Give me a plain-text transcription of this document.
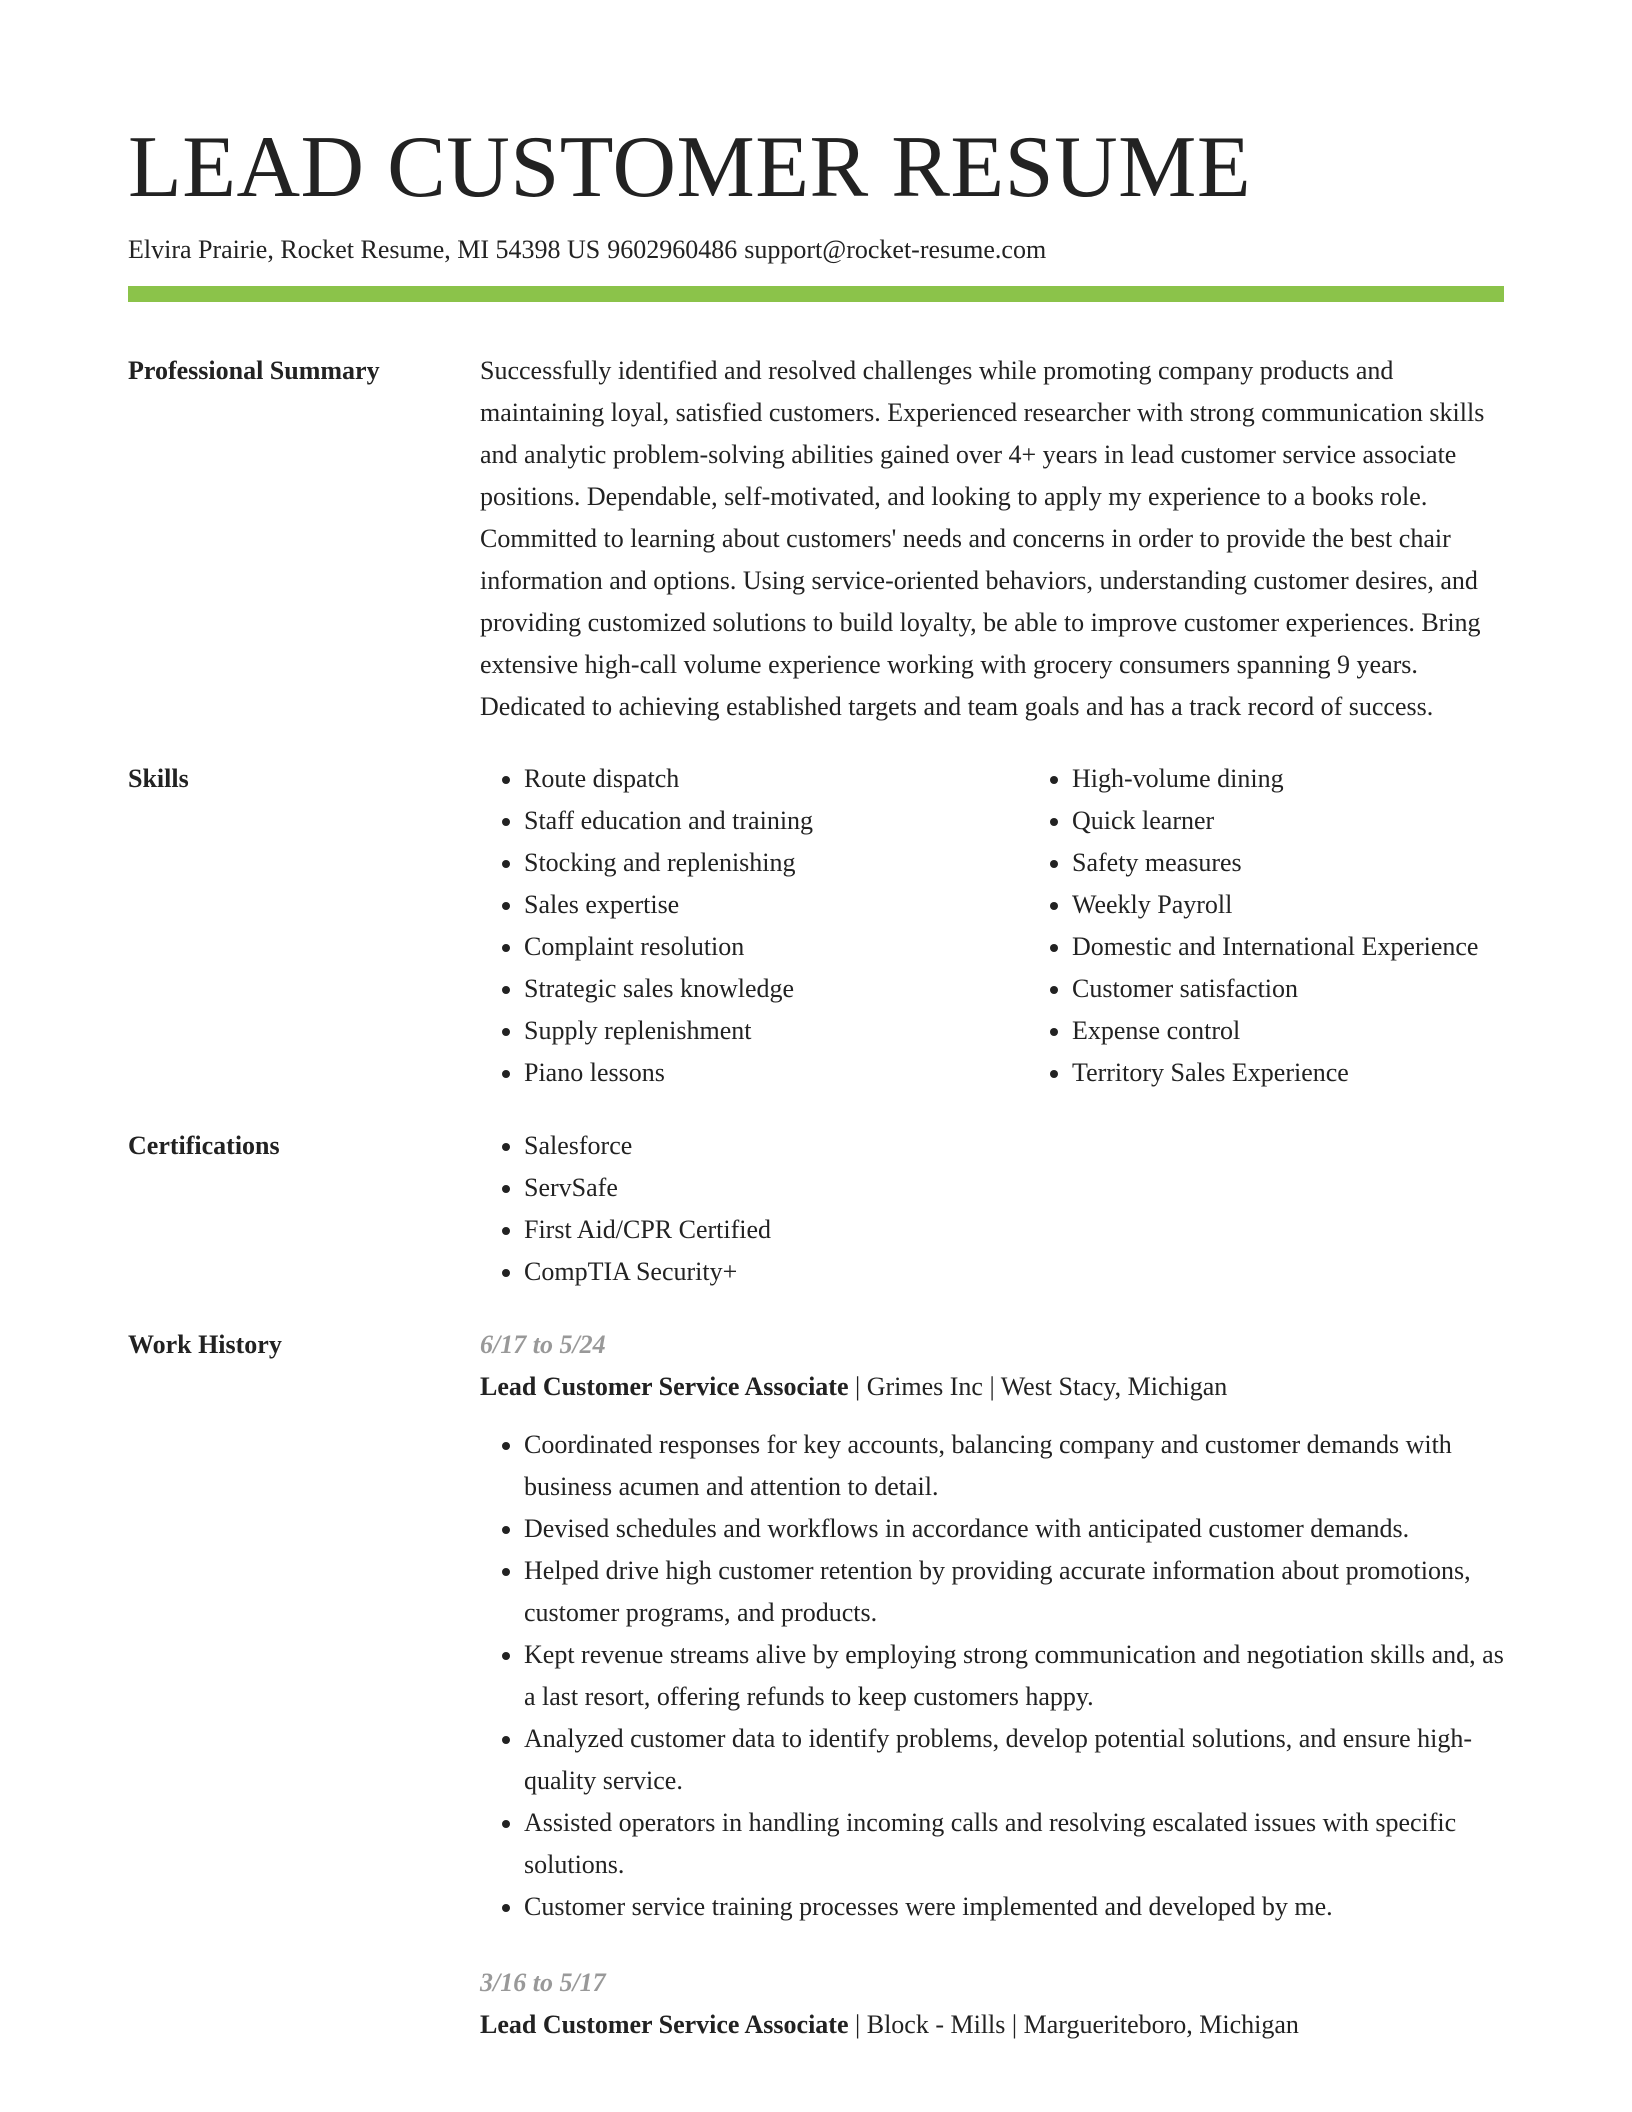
LEAD CUSTOMER RESUME
Elvira Prairie, Rocket Resume, MI 54398 US 9602960486 support@rocket-resume.com
Professional Summary	Successfully identified and resolved challenges while promoting company products and maintaining loyal, satisfied customers. Experienced researcher with strong communication skills and analytic problem-solving abilities gained over 4+ years in lead customer service associate positions. Dependable, self-motivated, and looking to apply my experience to a books role. Committed to learning about customers' needs and concerns in order to provide the best chair information and options. Using service-oriented behaviors, understanding customer desires, and providing customized solutions to build loyalty, be able to improve customer experiences. Bring extensive high-call volume experience working with grocery consumers spanning 9 years. Dedicated to achieving established targets and team goals and has a track record of success.

Skills	• Route dispatch
• Staff education and training
• Stocking and replenishing
• Sales expertise
• Complaint resolution
• Strategic sales knowledge
• Supply replenishment
• Piano lessons
• High-volume dining
• Quick learner
• Safety measures
• Weekly Payroll
• Domestic and International Experience
• Customer satisfaction
• Expense control
• Territory Sales Experience
Certifications	• Salesforce
• ServSafe
• First Aid/CPR Certified
• CompTIA Security+
Work History	6/17 to 5/24
Lead Customer Service Associate | Grimes Inc | West Stacy, Michigan
• Coordinated responses for key accounts, balancing company and customer demands with business acumen and attention to detail.
• Devised schedules and workflows in accordance with anticipated customer demands.
• Helped drive high customer retention by providing accurate information about promotions, customer programs, and products.
• Kept revenue streams alive by employing strong communication and negotiation skills and, as a last resort, offering refunds to keep customers happy.
• Analyzed customer data to identify problems, develop potential solutions, and ensure high-quality service.
• Assisted operators in handling incoming calls and resolving escalated issues with specific solutions.
• Customer service training processes were implemented and developed by me.
3/16 to 5/17
Lead Customer Service Associate | Block - Mills | Margueriteboro, Michigan
